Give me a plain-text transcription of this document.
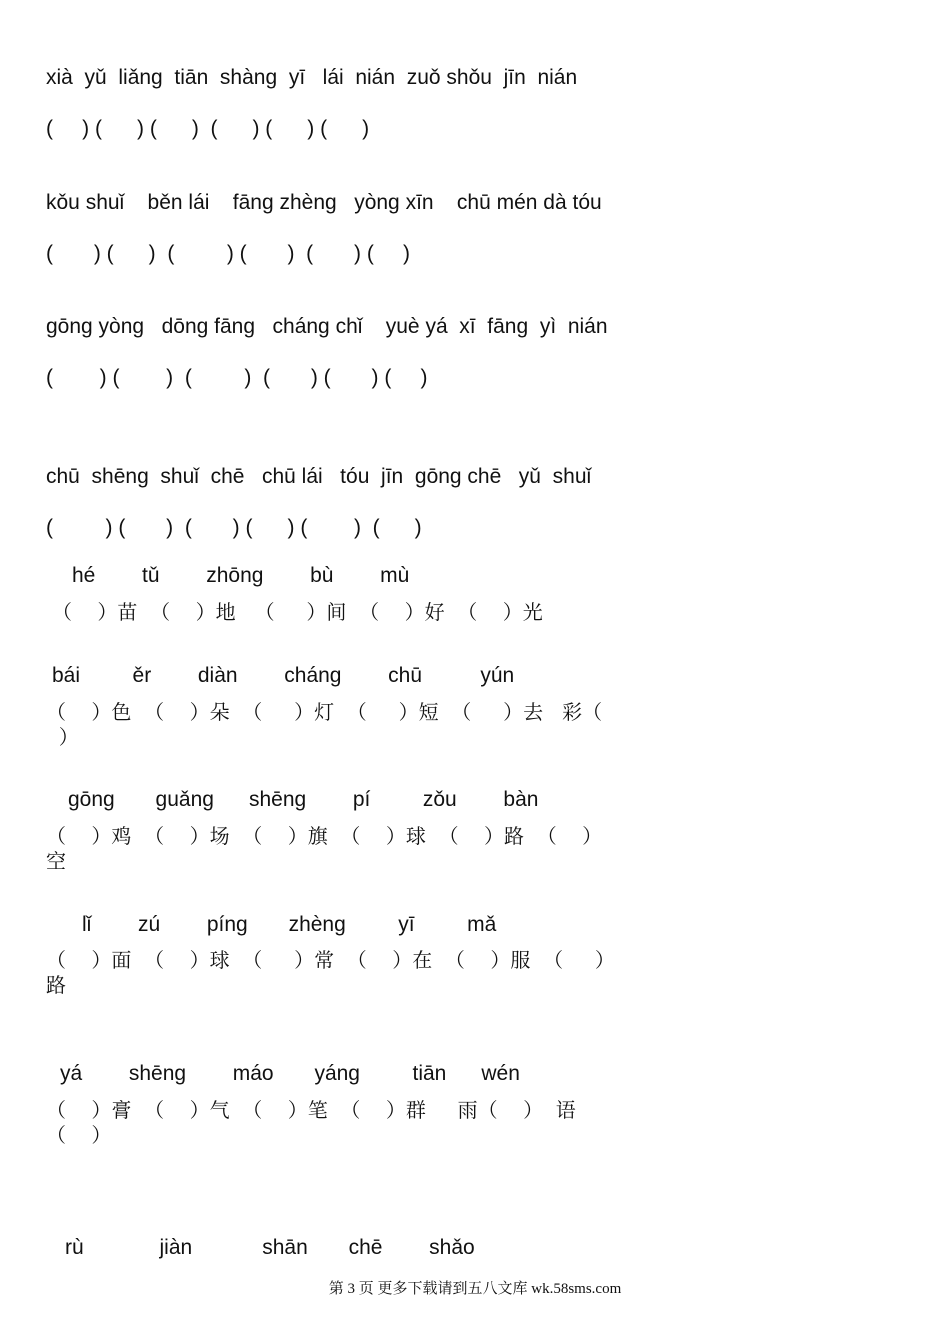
xià  yǔ  liǎng  tiān  shàng  yī   lái  nián  zuǒ shǒu  jīn  nián
(     ) (      ) (      )  (      ) (      ) (      )
kǒu shuǐ    běn lái    fāng zhèng   yòng xīn    chū mén dà tóu
(       ) (      )  (         ) (       )  (       ) (     )
gōng yòng   dōng fāng   cháng chǐ    yuè yá  xī  fāng  yì  nián
(        ) (        )  (         )  (       ) (       ) (     )
chū  shēng  shuǐ  chē   chū lái   tóu  jīn  gōng chē   yǔ  shuǐ
(         ) (       )  (       ) (      ) (        )  (      )
hé        tǔ        zhōng        bù        mù
（    ）苗  （    ）地   （     ）间  （    ）好  （    ）光
bái         ěr        diàn        cháng        chū          yún
（    ）色  （    ）朵  （     ）灯  （     ）短  （     ）去   彩（
）
gōng       guǎng      shēng        pí         zǒu        bàn
（    ）鸡  （    ）场  （    ）旗  （    ）球  （    ）路  （    ）
空
lǐ        zú        píng       zhèng         yī         mǎ
（    ）面  （    ）球  （     ）常  （    ）在  （    ）服  （     ）
路
yá        shēng        máo       yáng         tiān      wén
（    ）膏  （    ）气  （    ）笔  （    ）群     雨（    ）  语
（    ）
rù             jiàn            shān       chē        shǎo
第 3 页 更多下载请到五八文库 wk.58sms.com
